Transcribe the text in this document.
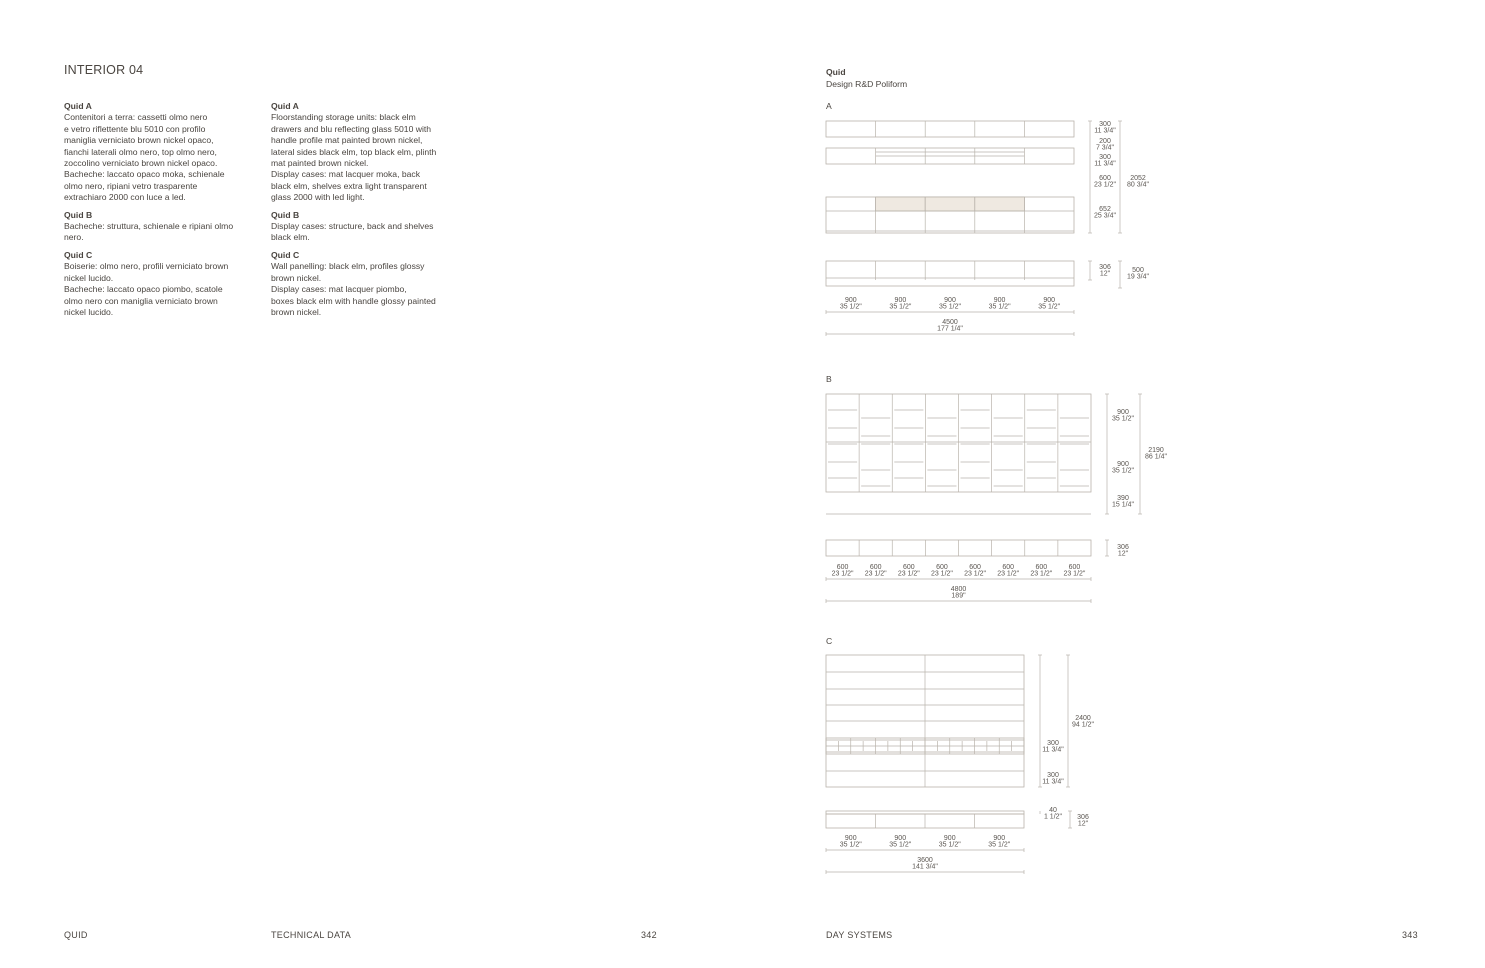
INTERIOR 04

Quid A

Contenitori a terra: cassetti olmo nero

e vetro riflettente blu 5010 con profilo

maniglia verniciato brown nickel opaco,

fianchi laterali olmo nero, top olmo nero,

zoccolino verniciato brown nickel opaco.

Bacheche: laccato opaco moka, schienale

olmo nero, ripiani vetro trasparente

extrachiaro 2000 con luce a led.

Quid B

Bacheche: struttura, schienale e ripiani olmo

nero.

Quid C

Boiserie: olmo nero, profili verniciato brown

nickel lucido.

Bacheche: laccato opaco piombo, scatole

olmo nero con maniglia verniciato brown

nickel lucido.

Quid A

Floorstanding storage units: black elm

drawers and blu reflecting glass 5010 with

handle profile mat painted brown nickel,

lateral sides black elm, top black elm, plinth

mat painted brown nickel.

Display cases: mat lacquer moka, back

black elm, shelves extra light transparent

glass 2000 with led light.

Quid B

Display cases: structure, back and shelves

black elm.

Quid C

Wall panelling: black elm, profiles glossy

brown nickel.

Display cases: mat lacquer piombo,

boxes black elm with handle glossy painted

brown nickel.

Quid
Design R&D Poliform
A
B
C
300
11 3/4"
200
7 3/4"
300
11 3/4"
600
23 1/2"
652
25 3/4"
2052
80 3/4"
306
12"	500
19 3/4"
900
35 1/2"
900
35 1/2"
900
35 1/2"
900
35 1/2"
900
35 1/2"
4500
177 1/4"
900
35 1/2"
900
35 1/2"
390
15 1/4"
2190
86 1/4"
306
12"
600
23 1/2"
600
23 1/2"
600
23 1/2"
600
23 1/2"
600
23 1/2"
600
23 1/2"
600
23 1/2"
600
23 1/2"
4800
189"
2400
94 1/2"
300
11 3/4"
300
11 3/4"
40
1 1/2" 306
12"
900
35 1/2"
900
35 1/2"
900
35 1/2"
900
35 1/2"
3600
141 3/4"
QUID	TECHNICAL DATA	342	DAY SYSTEMS	343
